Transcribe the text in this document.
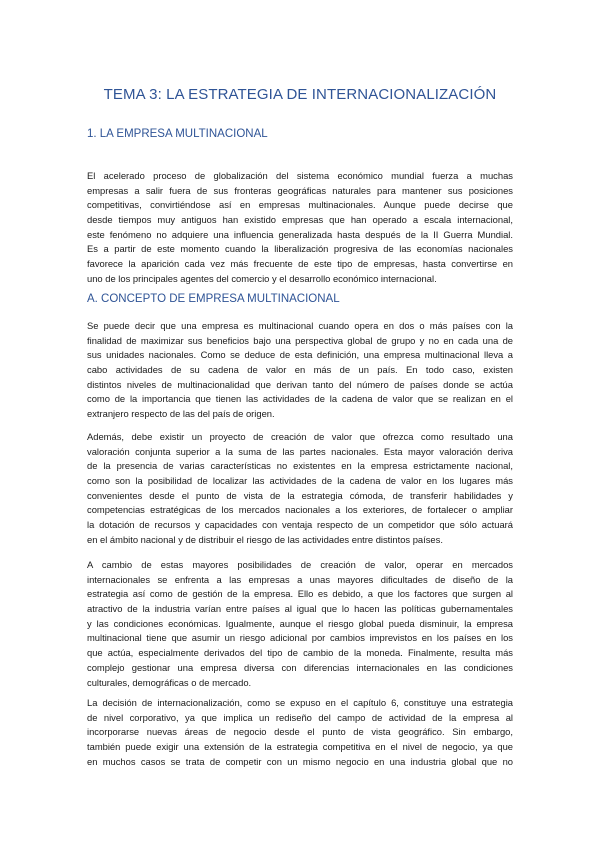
TEMA 3: LA ESTRATEGIA DE INTERNACIONALIZACIÓN
1. LA EMPRESA MULTINACIONAL
A. CONCEPTO DE EMPRESA MULTINACIONAL
El acelerado proceso de globalización del sistema económico mundial fuerza a muchas
empresas a salir fuera de sus fronteras geográficas naturales para mantener sus posiciones
competitivas, convirtiéndose así en empresas multinacionales. Aunque puede decirse que
desde tiempos muy antiguos han existido empresas que han operado a escala internacional,
este fenómeno no adquiere una influencia generalizada hasta después de la II Guerra Mundial.
Es a partir de este momento cuando la liberalización progresiva de las economías nacionales
favorece la aparición cada vez más frecuente de este tipo de empresas, hasta convertirse en
uno de los principales agentes del comercio y el desarrollo económico internacional.
Se puede decir que una empresa es multinacional cuando opera en dos o más países con la
finalidad de maximizar sus beneficios bajo una perspectiva global de grupo y no en cada una de
sus unidades nacionales. Como se deduce de esta definición, una empresa multinacional lleva a
cabo actividades de su cadena de valor en más de un país. En todo caso, existen
distintos niveles de multinacionalidad que derivan tanto del número de países donde se actúa
como de la importancia que tienen las actividades de la cadena de valor que se realizan en el
extranjero respecto de las del país de origen.
Además, debe existir un proyecto de creación de valor que ofrezca como resultado una
valoración conjunta superior a la suma de las partes nacionales. Esta mayor valoración deriva
de la presencia de varias características no existentes en la empresa estrictamente nacional,
como son la posibilidad de localizar las actividades de la cadena de valor en los lugares más
convenientes desde el punto de vista de la estrategia cómoda, de transferir habilidades y
competencias estratégicas de los mercados nacionales a los exteriores, de fortalecer o ampliar
la dotación de recursos y capacidades con ventaja respecto de un competidor que sólo actuará
en el ámbito nacional y de distribuir el riesgo de las actividades entre distintos países.
A cambio de estas mayores posibilidades de creación de valor, operar en mercados
internacionales se enfrenta a las empresas a unas mayores dificultades de diseño de la
estrategia así como de gestión de la empresa. Ello es debido, a que los factores que surgen al
atractivo de la industria varían entre países al igual que lo hacen las políticas gubernamentales
y las condiciones económicas. Igualmente, aunque el riesgo global pueda disminuir, la empresa
multinacional tiene que asumir un riesgo adicional por cambios imprevistos en los países en los
que actúa, especialmente derivados del tipo de cambio de la moneda. Finalmente, resulta más
complejo gestionar una empresa diversa con diferencias internacionales en las condiciones
culturales, demográficas o de mercado.
La decisión de internacionalización, como se expuso en el capítulo 6, constituye una estrategia
de nivel corporativo, ya que implica un rediseño del campo de actividad de la empresa al
incorporarse nuevas áreas de negocio desde el punto de vista geográfico. Sin embargo,
también puede exigir una extensión de la estrategia competitiva en el nivel de negocio, ya que
en muchos casos se trata de competir con un mismo negocio en una industria global que no
